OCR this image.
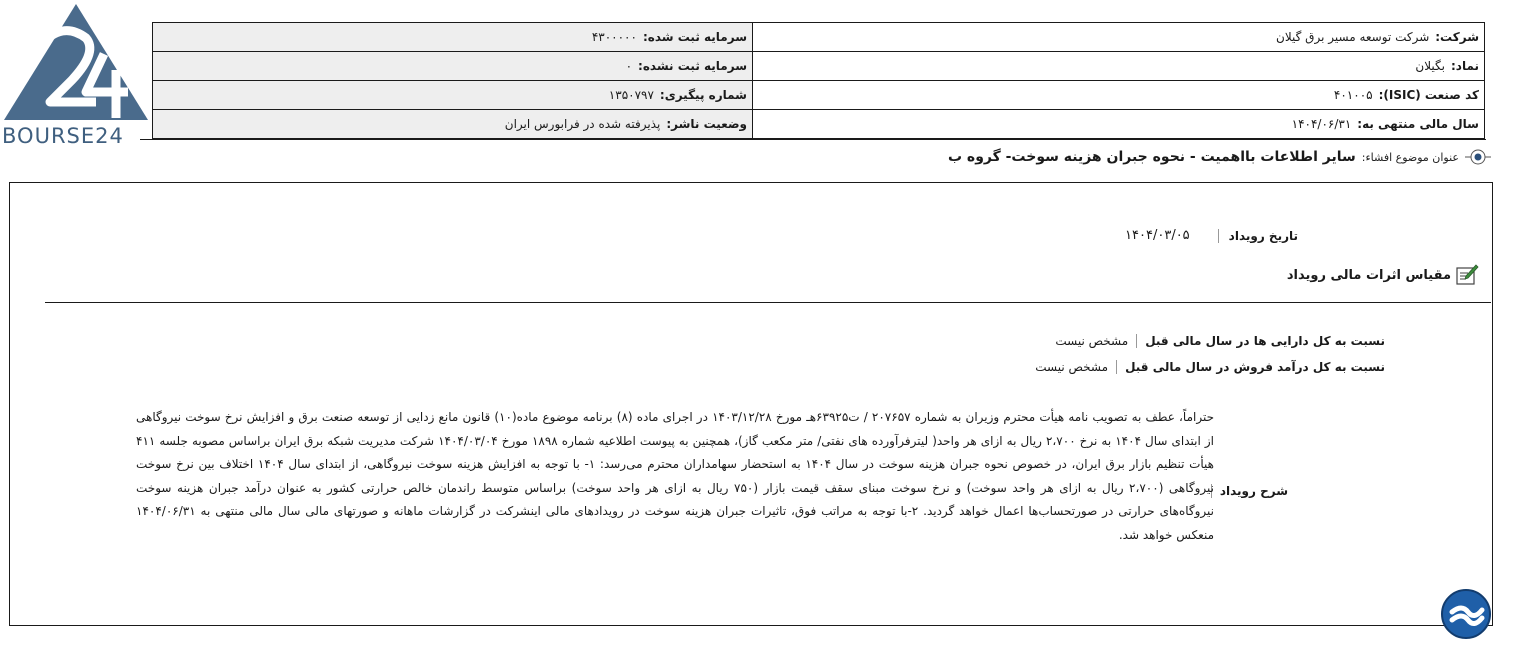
BOURSE24
سرمایه ثبت شده:۴۳۰۰۰۰۰	شرکت:شرکت توسعه مسیر برق گیلان
سرمایه ثبت نشده:۰	نماد:بگیلان
شماره پیگیری:۱۳۵۰۷۹۷	کد صنعت (ISIC):۴۰۱۰۰۵
وضعیت ناشر:پذیرفته شده در فرابورس ایران	سال مالی منتهی به:۱۴۰۴/۰۶/۳۱
عنوان موضوع افشاء:
سایر اطلاعات بااهمیت - نحوه جبران هزینه سوخت- گروه ب
تاریخ رویداد
۱۴۰۴/۰۳/۰۵
مقیاس اثرات مالی رویداد
نسبت به کل دارایی ها در سال مالی قبل
مشخص نیست
نسبت به کل درآمد فروش در سال مالی قبل
مشخص نیست
شرح رویداد
حتراماً، عطف به تصویب نامه هیأت محترم وزیران به شماره ۲۰۷۶۵۷ / ت۶۳۹۲۵هـ مورخ ۱۴۰۳/۱۲/۲۸ در اجرای ماده (۸) برنامه موضوع ماده(۱۰) قانون مانع زدایی از توسعه صنعت برق و افزایش نرخ سوخت نیروگاهی از ابتدای سال ۱۴۰۴ به نرخ ۲،۷۰۰ ریال به ازای هر واحد( لیترفرآورده های نفتی/ متر مکعب گاز)، همچنین به پیوست اطلاعیه شماره ۱۸۹۸ مورخ ۱۴۰۴/۰۳/۰۴ شرکت مدیریت شبکه برق ایران براساس مصوبه جلسه ۴۱۱ هیأت تنظیم بازار برق ایران، در خصوص نحوه جبران هزینه سوخت در سال ۱۴۰۴ به استحضار سهامداران محترم می‌رسد: ۱- با توجه به افزایش هزینه سوخت نیروگاهی، از ابتدای سال ۱۴۰۴ اختلاف بین نرخ سوخت نیروگاهی (۲،۷۰۰ ریال به ازای هر واحد سوخت) و نرخ سوخت مبنای سقف قیمت بازار (۷۵۰ ریال به ازای هر واحد سوخت) براساس متوسط راندمان خالص حرارتی کشور به عنوان درآمد جبران هزینه سوخت نیروگاه‌های حرارتی در صورتحساب‌ها اعمال خواهد گردید. ۲-با توجه به مراتب فوق، تاثیرات جبران هزینه سوخت در رویدادهای مالی اینشرکت در گزارشات ماهانه و صورتهای مالی سال مالی منتهی به ۱۴۰۴/۰۶/۳۱ منعکس خواهد شد.
